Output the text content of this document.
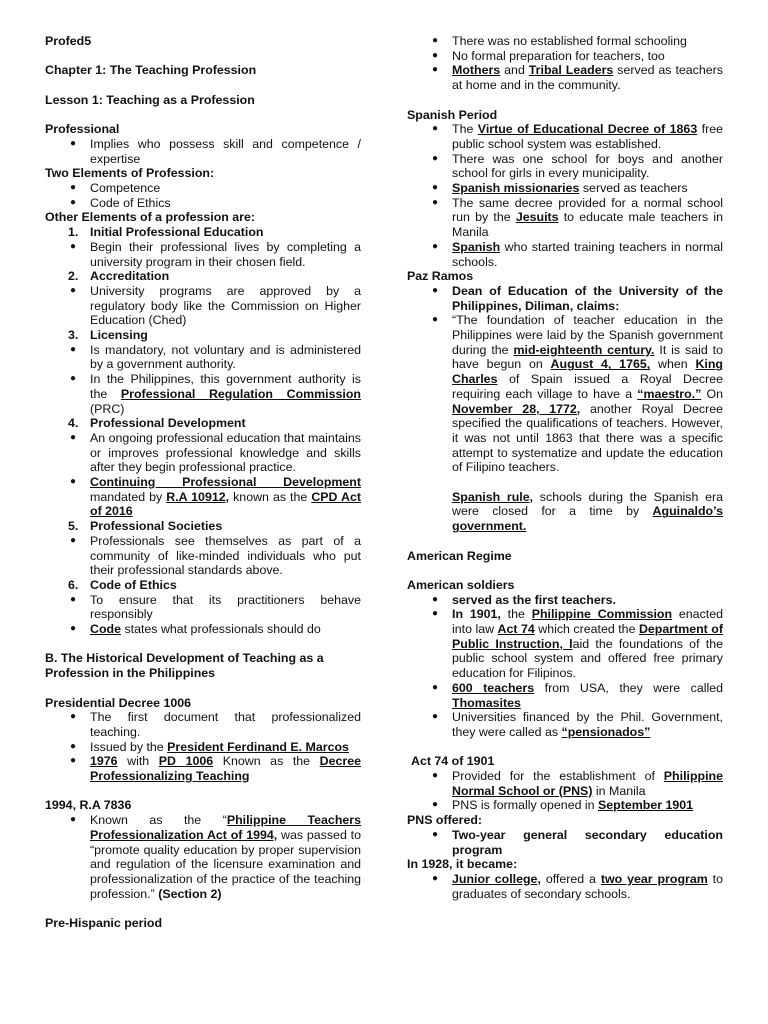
Profed5

Chapter 1: The Teaching Profession

Lesson 1: Teaching as a Profession

Professional

● Implies who possess skill and competence / expertise

Two Elements of Profession:

● Competence
● Code of Ethics

Other Elements of a profession are:

1. Initial Professional Education
● Begin their professional lives by completing a university program in their chosen field.
2. Accreditation
● University programs are approved by a regulatory body like the Commission on Higher Education (Ched)
3. Licensing
● Is mandatory, not voluntary and is administered by a government authority.
● In the Philippines, this government authority is the Professional Regulation Commission (PRC)
4. Professional Development
● An ongoing professional education that maintains or improves professional knowledge and skills after they begin professional practice.
● Continuing Professional Development mandated by R.A 10912, known as the CPD Act of 2016
5. Professional Societies
● Professionals see themselves as part of a community of like-minded individuals who put their professional standards above.
6. Code of Ethics
● To ensure that its practitioners behave responsibly
● Code states what professionals should do

B. The Historical Development of Teaching as a Profession in the Philippines

Presidential Decree 1006

● The first document that professionalized teaching.
● Issued by the President Ferdinand E. Marcos
● 1976 with PD 1006 Known as the Decree Professionalizing Teaching

1994, R.A 7836

● Known as the “Philippine Teachers Professionalization Act of 1994, was passed to “promote quality education by proper supervision and regulation of the licensure examination and professionalization of the practice of the teaching profession.” (Section 2)

Pre-Hispanic period

● There was no established formal schooling
● No formal preparation for teachers, too
● Mothers and Tribal Leaders served as teachers at home and in the community.

Spanish Period

● The Virtue of Educational Decree of 1863 free public school system was established.
● There was one school for boys and another school for girls in every municipality.
● Spanish missionaries served as teachers
● The same decree provided for a normal school run by the Jesuits to educate male teachers in Manila
● Spanish who started training teachers in normal schools.

Paz Ramos

● Dean of Education of the University of the Philippines, Diliman, claims:
● “The foundation of teacher education in the Philippines were laid by the Spanish government during the mid-eighteenth century. It is said to have begun on August 4, 1765, when King Charles of Spain issued a Royal Decree requiring each village to have a “maestro.” On November 28, 1772, another Royal Decree specified the qualifications of teachers. However, it was not until 1863 that there was a specific attempt to systematize and update the education of Filipino teachers.
Spanish rule, schools during the Spanish era were closed for a time by Aguinaldo’s government.

American Regime

American soldiers

● served as the first teachers.
● In 1901, the Philippine Commission enacted into law Act 74 which created the Department of Public Instruction, laid the foundations of the public school system and offered free primary education for Filipinos.
● 600 teachers from USA, they were called Thomasites
● Universities financed by the Phil. Government, they were called as “pensionados”

Act 74 of 1901

● Provided for the establishment of Philippine Normal School or (PNS) in Manila
● PNS is formally opened in September 1901

PNS offered:

● Two-year general secondary education program

In 1928, it became:

● Junior college, offered a two year program to graduates of secondary schools.
